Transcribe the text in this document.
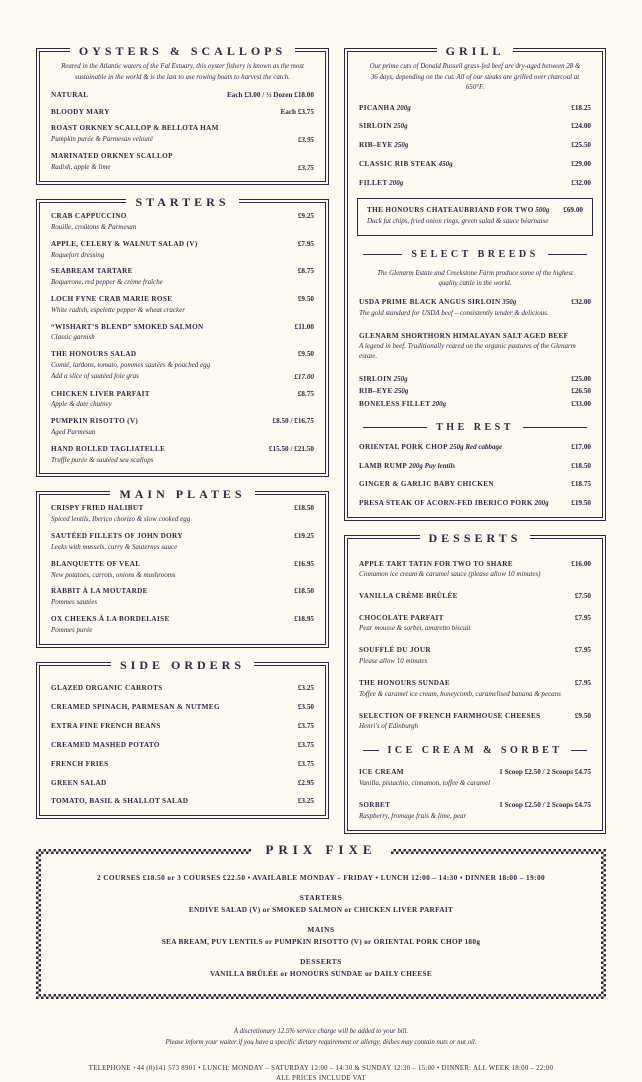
OYSTERS & SCALLOPS

Reared in the Atlantic waters of the Fal Estuary, this oyster fishery is known as the most sustainable in the world & is the last to use rowing boats to harvest the catch.

NATURAL	Each £3.00 / ½ Dozen £18.00
BLOODY MARY	Each £3.75
ROAST ORKNEY SCALLOP & BELLOTA HAM
Pumpkin purée & Parmesan velouté	£3.95
MARINATED ORKNEY SCALLOP
Radish, apple & lime	£3.75
STARTERS
CRAB CAPPUCCINO	£9.25
Rouille, croûtons & Parmesan
APPLE, CELERY & WALNUT SALAD (V)	£7.95
Roquefort dressing
SEABREAM TARTARE	£8.75
Boquerone, red pepper & crème fraîche
LOCH FYNE CRAB MARIE ROSE	£9.50
White radish, espelette pepper & wheat cracker
“WISHART’S BLEND” SMOKED SALMON	£11.00
Classic garnish
THE HONOURS SALAD	£9.50
Comté, lardons, tomato, pommes sautées & poached egg
Add a slice of sautéed foie gras	£17.00
CHICKEN LIVER PARFAIT	£8.75
Apple & date chutney
PUMPKIN RISOTTO (V)	£8.50 / £16.75
Aged Parmesan
HAND ROLLED TAGLIATELLE	£15.50 / £21.50
Truffle purée & sautéed sea scallops
MAIN PLATES
CRISPY FRIED HALIBUT	£18.50
Spiced lentils, Iberico chorizo & slow cooked egg
SAUTÉED FILLETS OF JOHN DORY	£19.25
Leeks with mussels, curry & Sauternes sauce
BLANQUETTE OF VEAL	£16.95
New potatoes, carrots, onions & mushrooms
RABBIT À LA MOUTARDE	£18.50
Pommes sautées
OX CHEEKS À LA BORDELAISE	£18.95
Pommes purée
SIDE ORDERS
GLAZED ORGANIC CARROTS	£3.25
CREAMED SPINACH, PARMESAN & NUTMEG	£3.50
EXTRA FINE FRENCH BEANS	£3.75
CREAMED MASHED POTATO	£3.75
FRENCH FRIES	£3.75
GREEN SALAD	£2.95
TOMATO, BASIL & SHALLOT SALAD	£3.25
GRILL

Our prime cuts of Donald Russell grass-fed beef are dry-aged between 28 & 36 days, depending on the cut. All of our steaks are grilled over charcoal at 650°F.

PICANHA 200g	£18.25
SIRLOIN 250g	£24.00
RIB–EYE 250g	£25.50
CLASSIC RIB STEAK 450g	£29.00
FILLET 200g	£32.00
THE HONOURS CHATEAUBRIAND FOR TWO 500g £69.00
Duck fat chips, fried onion rings, green salad & sauce béarnaise
SELECT BREEDS

The Glenarm Estate and Creekstone Farm produce some of the highest quality cattle in the world.

USDA PRIME BLACK ANGUS SIRLOIN 350g	£32.00
The gold standard for USDA beef – consistently tender & delicious.
GLENARM SHORTHORN HIMALAYAN SALT AGED BEEF
A legend in beef. Traditionally reared on the organic pastures of the Glenarm estate.
SIRLOIN 250g	£25.00
RIB–EYE 250g	£26.50
BONELESS FILLET 200g	£33.00
THE REST
ORIENTAL PORK CHOP 250g Red cabbage	£17.00
LAMB RUMP 200g Puy lentils	£18.50
GINGER & GARLIC BABY CHICKEN	£18.75
PRESA STEAK OF ACORN-FED IBERICO PORK 200g	£19.50
DESSERTS
APPLE TART TATIN FOR TWO TO SHARE	£16.00
Cinnamon ice cream & caramel sauce (please allow 10 minutes)
VANILLA CRÈME BRÛLÉE	£7.50
CHOCOLATE PARFAIT	£7.95
Pear mousse & sorbet, amaretto biscuit
SOUFFLÉ DU JOUR	£7.95
Please allow 10 minutes
THE HONOURS SUNDAE	£7.95
Toffee & caramel ice cream, honeycomb, caramelised banana & pecans
SELECTION OF FRENCH FARMHOUSE CHEESES	£9.50
Henri's of Edinburgh
ICE CREAM & SORBET
ICE CREAM	1 Scoop £2.50 / 2 Scoops £4.75
Vanilla, pistachio, cinnamon, toffee & caramel
SORBET	1 Scoop £2.50 / 2 Scoops £4.75
Raspberry, fromage frais & lime, pear
PRIX FIXE

2 COURSES £18.50 or 3 COURSES £22.50 • AVAILABLE MONDAY – FRIDAY • LUNCH 12:00 – 14:30 • DINNER 18:00 – 19:00

STARTERS
ENDIVE SALAD (V) or SMOKED SALMON or CHICKEN LIVER PARFAIT
MAINS
SEA BREAM, PUY LENTILS or PUMPKIN RISOTTO (V) or ORIENTAL PORK CHOP 180g
DESSERTS
VANILLA BRÛLÉE or HONOURS SUNDAE or DAILY CHEESE

A discretionary 12.5% service charge will be added to your bill.

Please inform your waiter if you have a specific dietary requirement or allergy, dishes may contain nuts or nut oil.

TELEPHONE +44 (0)141 573 8901 • LUNCH: MONDAY – SATURDAY 12:00 – 14:30 & SUNDAY 12:30 – 15:00 • DINNER: ALL WEEK 18:00 – 22:00

ALL PRICES INCLUDE VAT
